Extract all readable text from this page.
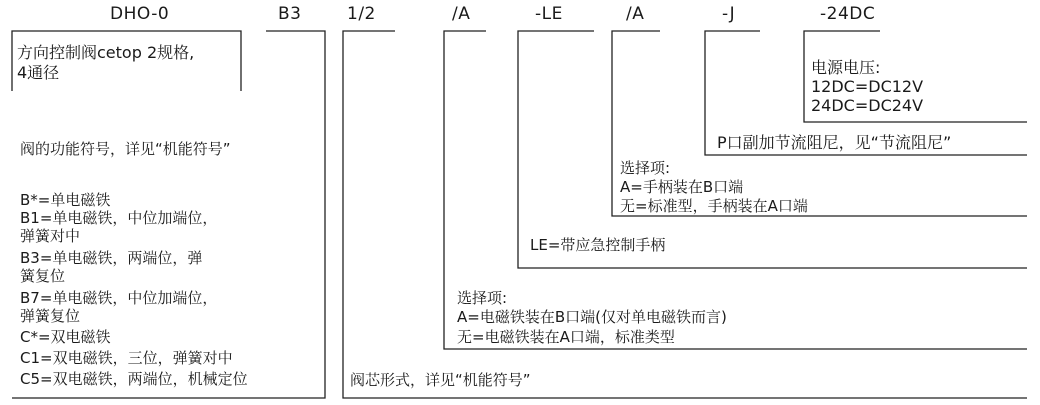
DHO-0	B3	1/2	/A	-LE	/A	-J	-24DC
方向控制阀cetop 2规格,
4通径
阀的功能符号，详见“机能符号”
B*=单电磁铁
B1=单电磁铁，中位加端位，
弹簧对中
B3=单电磁铁，两端位，弹
簧复位
B7=单电磁铁，中位加端位，
弹簧复位
C*=双电磁铁
C1=双电磁铁，三位，弹簧对中
C5=双电磁铁，两端位，机械定位	阀芯形式，详见“机能符号”
选择项:
A=电磁铁装在B口端(仅对单电磁铁而言)
无=电磁铁装在A口端，标准类型
LE=带应急控制手柄
选择项:
A=手柄装在B口端
无=标准型，手柄装在A口端
P口副加节流阻尼，见“节流阻尼”
电源电压:
12DC=DC12V
24DC=DC24V
